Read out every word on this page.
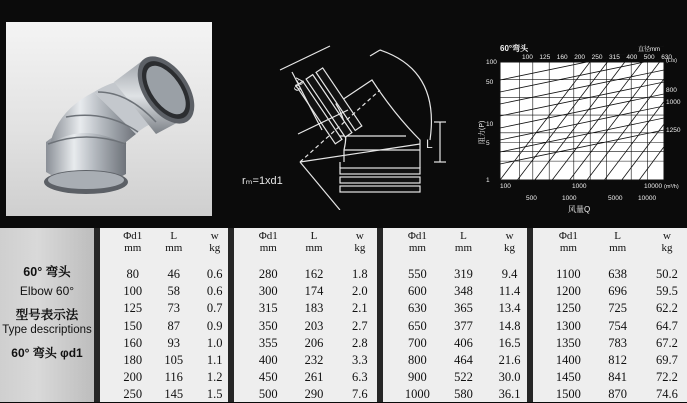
φd
L
rₘ=1xd1
60°弯头	直径mm
100 125 160 200 250 315 400 500 630
100
50
10
5
1
100	1000	10000
500	1000	5000 10000
800
1000
1250
阻力(P)
风量Q
(m³/h)
(L/s)
60° 弯头
Elbow 60°
型号表示法
Type descriptions
60° 弯头 φd1
Φd1
mm
L
mm
w
kg
80	46	0.6
100	58	0.6
125	73	0.7
150	87	0.9
160	93	1.0
180	105	1.1
200	116	1.2
250	145	1.5
Φd1
mm
L
mm
w
kg
280	162	1.8
300	174	2.0
315	183	2.1
350	203	2.7
355	206	2.8
400	232	3.3
450	261	6.3
500	290	7.6
Φd1
mm
L
mm
w
kg
550	319	9.4
600	348	11.4
630	365	13.4
650	377	14.8
700	406	16.5
800	464	21.6
900	522	30.0
1000	580	36.1
Φd1
mm
L
mm
w
kg
1100	638	50.2
1200	696	59.5
1250	725	62.2
1300	754	64.7
1350	783	67.2
1400	812	69.7
1450	841	72.2
1500	870	74.6
